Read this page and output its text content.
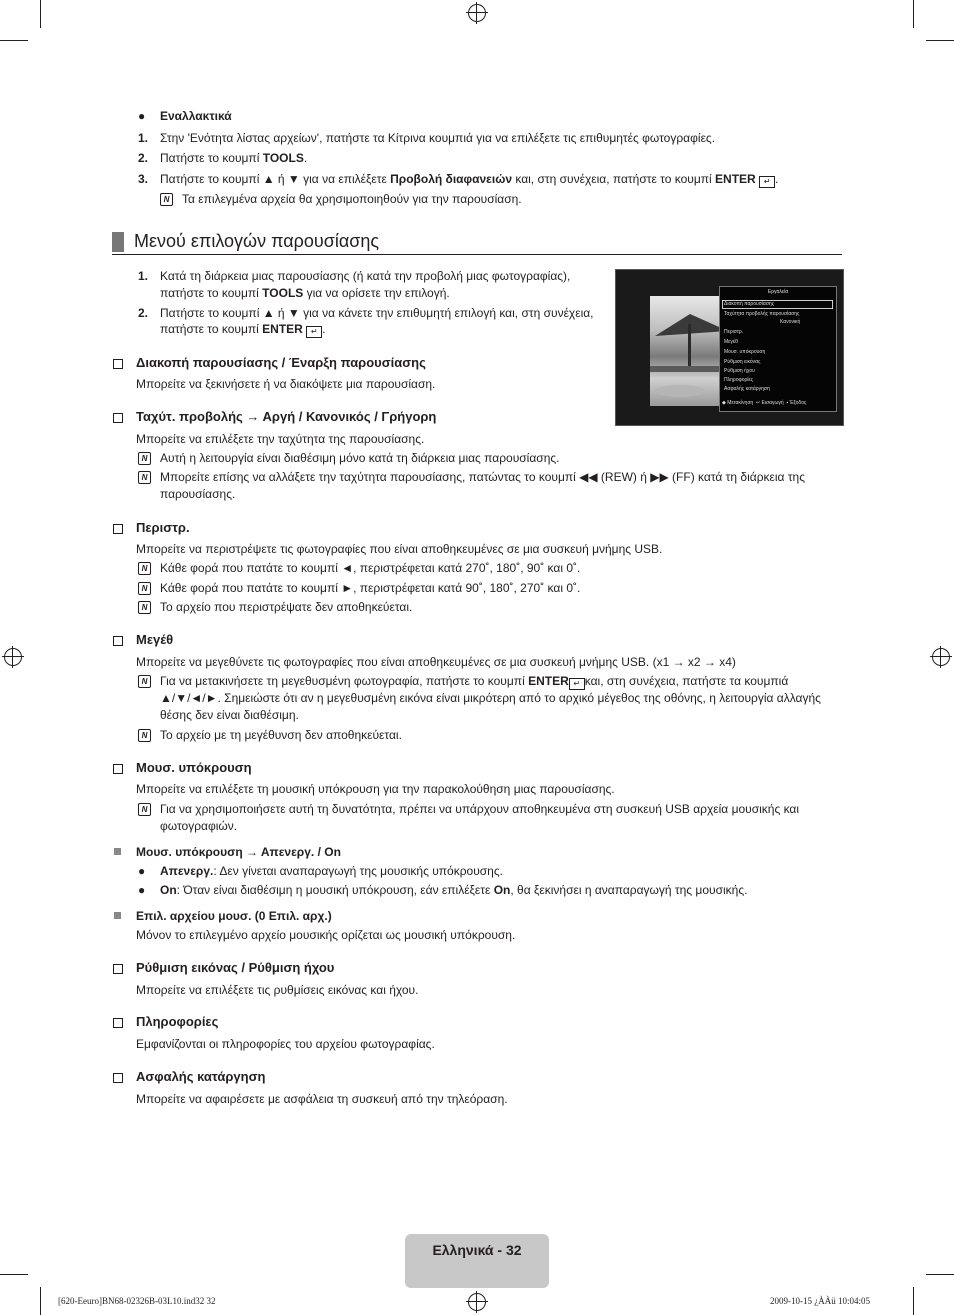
● Εναλλακτικά
1. Στην 'Ενότητα λίστας αρχείων', πατήστε τα Κίτρινα κουμπιά για να επιλέξετε τις επιθυμητές φωτογραφίες.
2. Πατήστε το κουμπί TOOLS.
3. Πατήστε το κουμπί ▲ ή ▼ για να επιλέξετε Προβολή διαφανειών και, στη συνέχεια, πατήστε το κουμπί ENTER ↵ .
N	Τα επιλεγμένα αρχεία θα χρησιμοποιηθούν για την παρουσίαση.
Μενού επιλογών παρουσίασης
1. Κατά τη διάρκεια μιας παρουσίασης (ή κατά την προβολή μιας φωτογραφίας),
πατήστε το κουμπί TOOLS για να ορίσετε την επιλογή.
2. Πατήστε το κουμπί ▲ ή ▼ για να κάνετε την επιθυμητή επιλογή και, στη συνέχεια,
πατήστε το κουμπί ENTER ↵ .
Εργαλεία
Διακοπή παρουσίασης
Ταχύτητα προβολής παρουσίασης
Κανονική
Περιστρ.
Μεγέθ
Μουσ. υπόκρουση
Ρύθμιση εικόνας
Ρύθμιση ήχου
Πληροφορίες
Ασφαλής κατάργηση
◆ Μετακίνηση  ↵ Εισαγωγή  ▪ Έξοδος
Διακοπή παρουσίασης / Έναρξη παρουσίασης
Μπορείτε να ξεκινήσετε ή να διακόψετε μια παρουσίαση.
Ταχύτ. προβολής → Αργή / Κανονικός / Γρήγορη
Μπορείτε να επιλέξετε την ταχύτητα της παρουσίασης.
N	Αυτή η λειτουργία είναι διαθέσιμη μόνο κατά τη διάρκεια μιας παρουσίασης.
N	Μπορείτε επίσης να αλλάξετε την ταχύτητα παρουσίασης, πατώντας το κουμπί ◀◀ (REW) ή ▶▶ (FF) κατά τη διάρκεια της
παρουσίασης.
Περιστρ.
Μπορείτε να περιστρέψετε τις φωτογραφίες που είναι αποθηκευμένες σε μια συσκευή μνήμης USB.
N	Κάθε φορά που πατάτε το κουμπί ◄, περιστρέφεται κατά 270˚, 180˚, 90˚ και 0˚.
N	Κάθε φορά που πατάτε το κουμπί ►, περιστρέφεται κατά 90˚, 180˚, 270˚ και 0˚.
N	Το αρχείο που περιστρέψατε δεν αποθηκεύεται.
Μεγέθ
Μπορείτε να μεγεθύνετε τις φωτογραφίες που είναι αποθηκευμένες σε μια συσκευή μνήμης USB. (x1 → x2 → x4)
N	Για να μετακινήσετε τη μεγεθυσμένη φωτογραφία, πατήστε το κουμπί ENTER ↵ και, στη συνέχεια, πατήστε τα κουμπιά
▲/▼/◄/►. Σημειώστε ότι αν η μεγεθυσμένη εικόνα είναι μικρότερη από το αρχικό μέγεθος της οθόνης, η λειτουργία αλλαγής
θέσης δεν είναι διαθέσιμη.
N	Το αρχείο με τη μεγέθυνση δεν αποθηκεύεται.
Μουσ. υπόκρουση
Μπορείτε να επιλέξετε τη μουσική υπόκρουση για την παρακολούθηση μιας παρουσίασης.
N	Για να χρησιμοποιήσετε αυτή τη δυνατότητα, πρέπει να υπάρχουν αποθηκευμένα στη συσκευή USB αρχεία μουσικής και
φωτογραφιών.
Μουσ. υπόκρουση → Απενεργ. / On
● Απενεργ.: Δεν γίνεται αναπαραγωγή της μουσικής υπόκρουσης.
● On: Όταν είναι διαθέσιμη η μουσική υπόκρουση, εάν επιλέξετε On, θα ξεκινήσει η αναπαραγωγή της μουσικής.
Επιλ. αρχείου μουσ. (0 Επιλ. αρχ.)
Μόνον το επιλεγμένο αρχείο μουσικής ορίζεται ως μουσική υπόκρουση.
Ρύθμιση εικόνας / Ρύθμιση ήχου
Μπορείτε να επιλέξετε τις ρυθμίσεις εικόνας και ήχου.
Πληροφορίες
Εμφανίζονται οι πληροφορίες του αρχείου φωτογραφίας.
Ασφαλής κατάργηση
Μπορείτε να αφαιρέσετε με ασφάλεια τη συσκευή από την τηλεόραση.
Ελληνικά - 32
[620-Eeuro]BN68-02326B-03L10.ind32 32	2009-10-15 ¿ÀÀü 10:04:05
